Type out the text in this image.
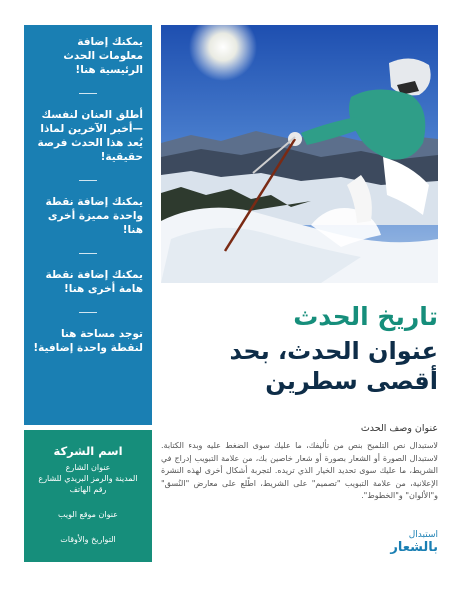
يمكنك إضافة معلومات الحدث الرئيسية هنا!
أطلق العنان لنفسك—أخبر الآخرين لماذا يُعد هذا الحدث فرصة حقيقية!
يمكنك إضافة نقطة واحدة مميزة أخرى هنا!
يمكنك إضافة نقطة هامة أخرى هنا!
توجد مساحة هنا لنقطة واحدة إضافية!
اسم الشركة
عنوان الشارع
المدينة والرمز البريدي للشارع
رقم الهاتف
عنوان موقع الويب
التواريخ والأوقات
تاريخ الحدث
عنوان الحدث، بحد أقصى سطرين
عنوان وصف الحدث
لاستبدال نص التلميح بنص من تأليفك، ما عليك سوى الضغط عليه وبدء الكتابة. لاستبدال الصورة أو الشعار بصورة أو شعار خاصين بك، من علامة التبويب إدراج في الشريط، ما عليك سوى تحديد الخيار الذي تريده. لتجربة أشكال أخرى لهذه النشرة الإعلانية، من علامة التبويب "تصميم" على الشريط، اطّلع على معارض "النُسق" و"الألوان" و"الخطوط".
استبدال
بالشعار
